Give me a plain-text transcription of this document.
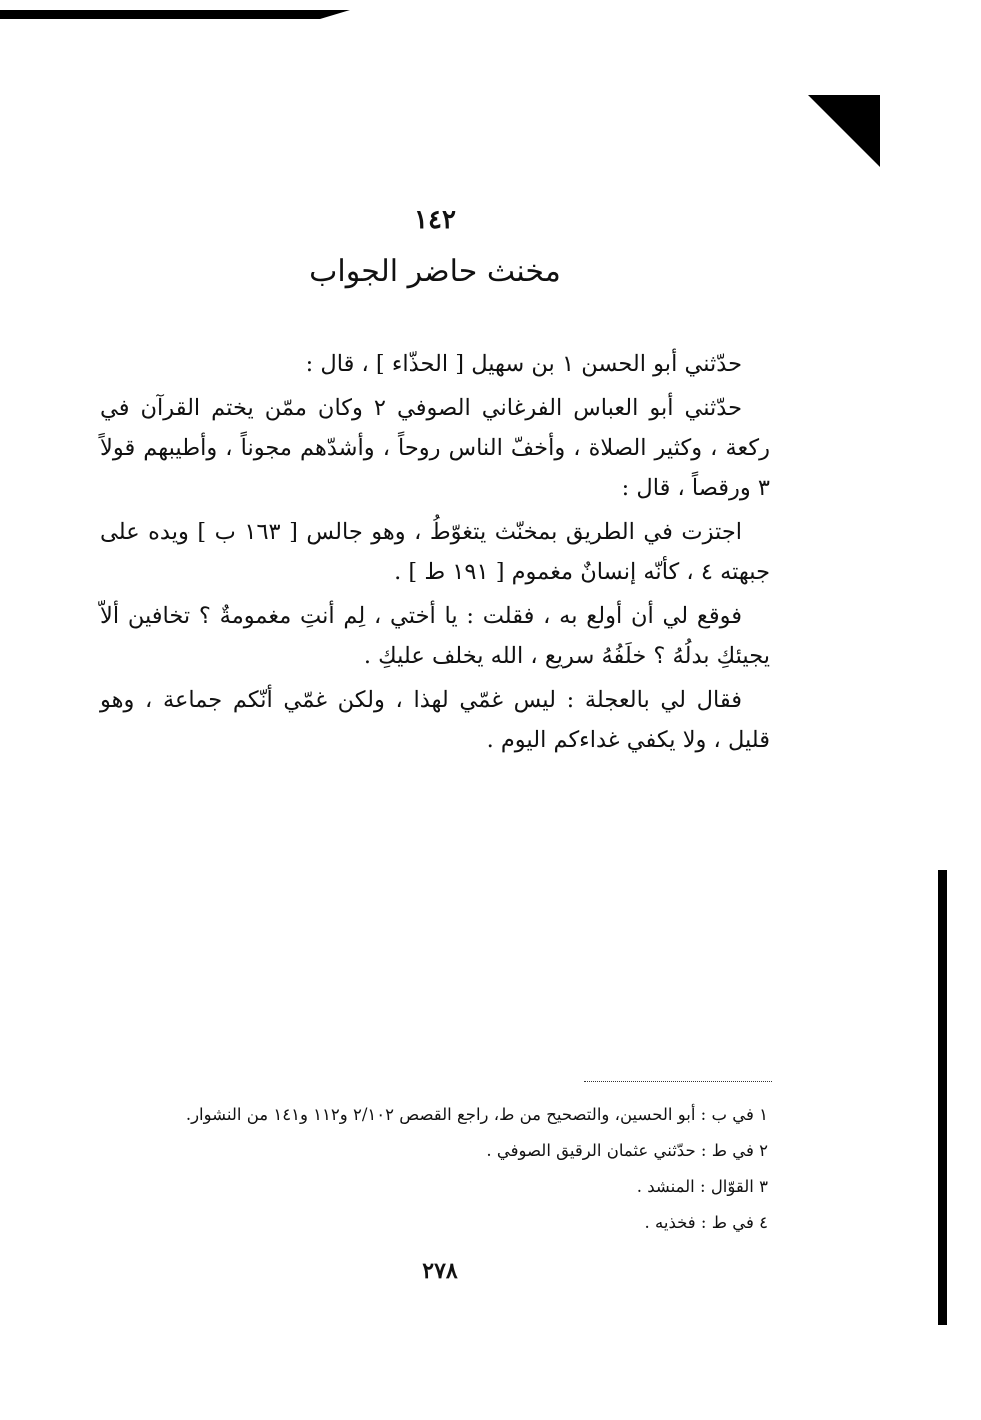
١٤٢
مخنث حاضر الجواب

حدّثني أبو الحسن ١ بن سهيل [ الحذّاء ] ، قال :

حدّثني أبو العباس الفرغاني الصوفي ٢ وكان ممّن يختم القرآن في ركعة ، وكثير الصلاة ، وأخفّ الناس روحاً ، وأشدّهم مجوناً ، وأطيبهم قولاً ٣ ورقصاً ، قال :

اجتزت في الطريق بمخنّث يتغوّطُ ، وهو جالس [ ١٦٣ ب ] ويده على جبهته ٤ ، كأنّه إنسانٌ مغموم [ ١٩١ ط ] .

فوقع لي أن أولع به ، فقلت : يا أختي ، لِم أنتِ مغمومةٌ ؟ تخافين ألاّ يجيئكِ بدلُهُ ؟ خلَفُهُ سريع ، الله يخلف عليكِ .

فقال لي بالعجلة : ليس غمّي لهذا ، ولكن غمّي أنّكم جماعة ، وهو قليل ، ولا يكفي غداءكم اليوم .

١ في ب : أبو الحسين، والتصحيح من ط، راجع القصص ٢/١٠٢ و١١٢ و١٤١ من النشوار.
٢ في ط : حدّثني عثمان الرقيق الصوفي .
٣ القوّال : المنشد .
٤ في ط : فخذيه .
٢٧٨
